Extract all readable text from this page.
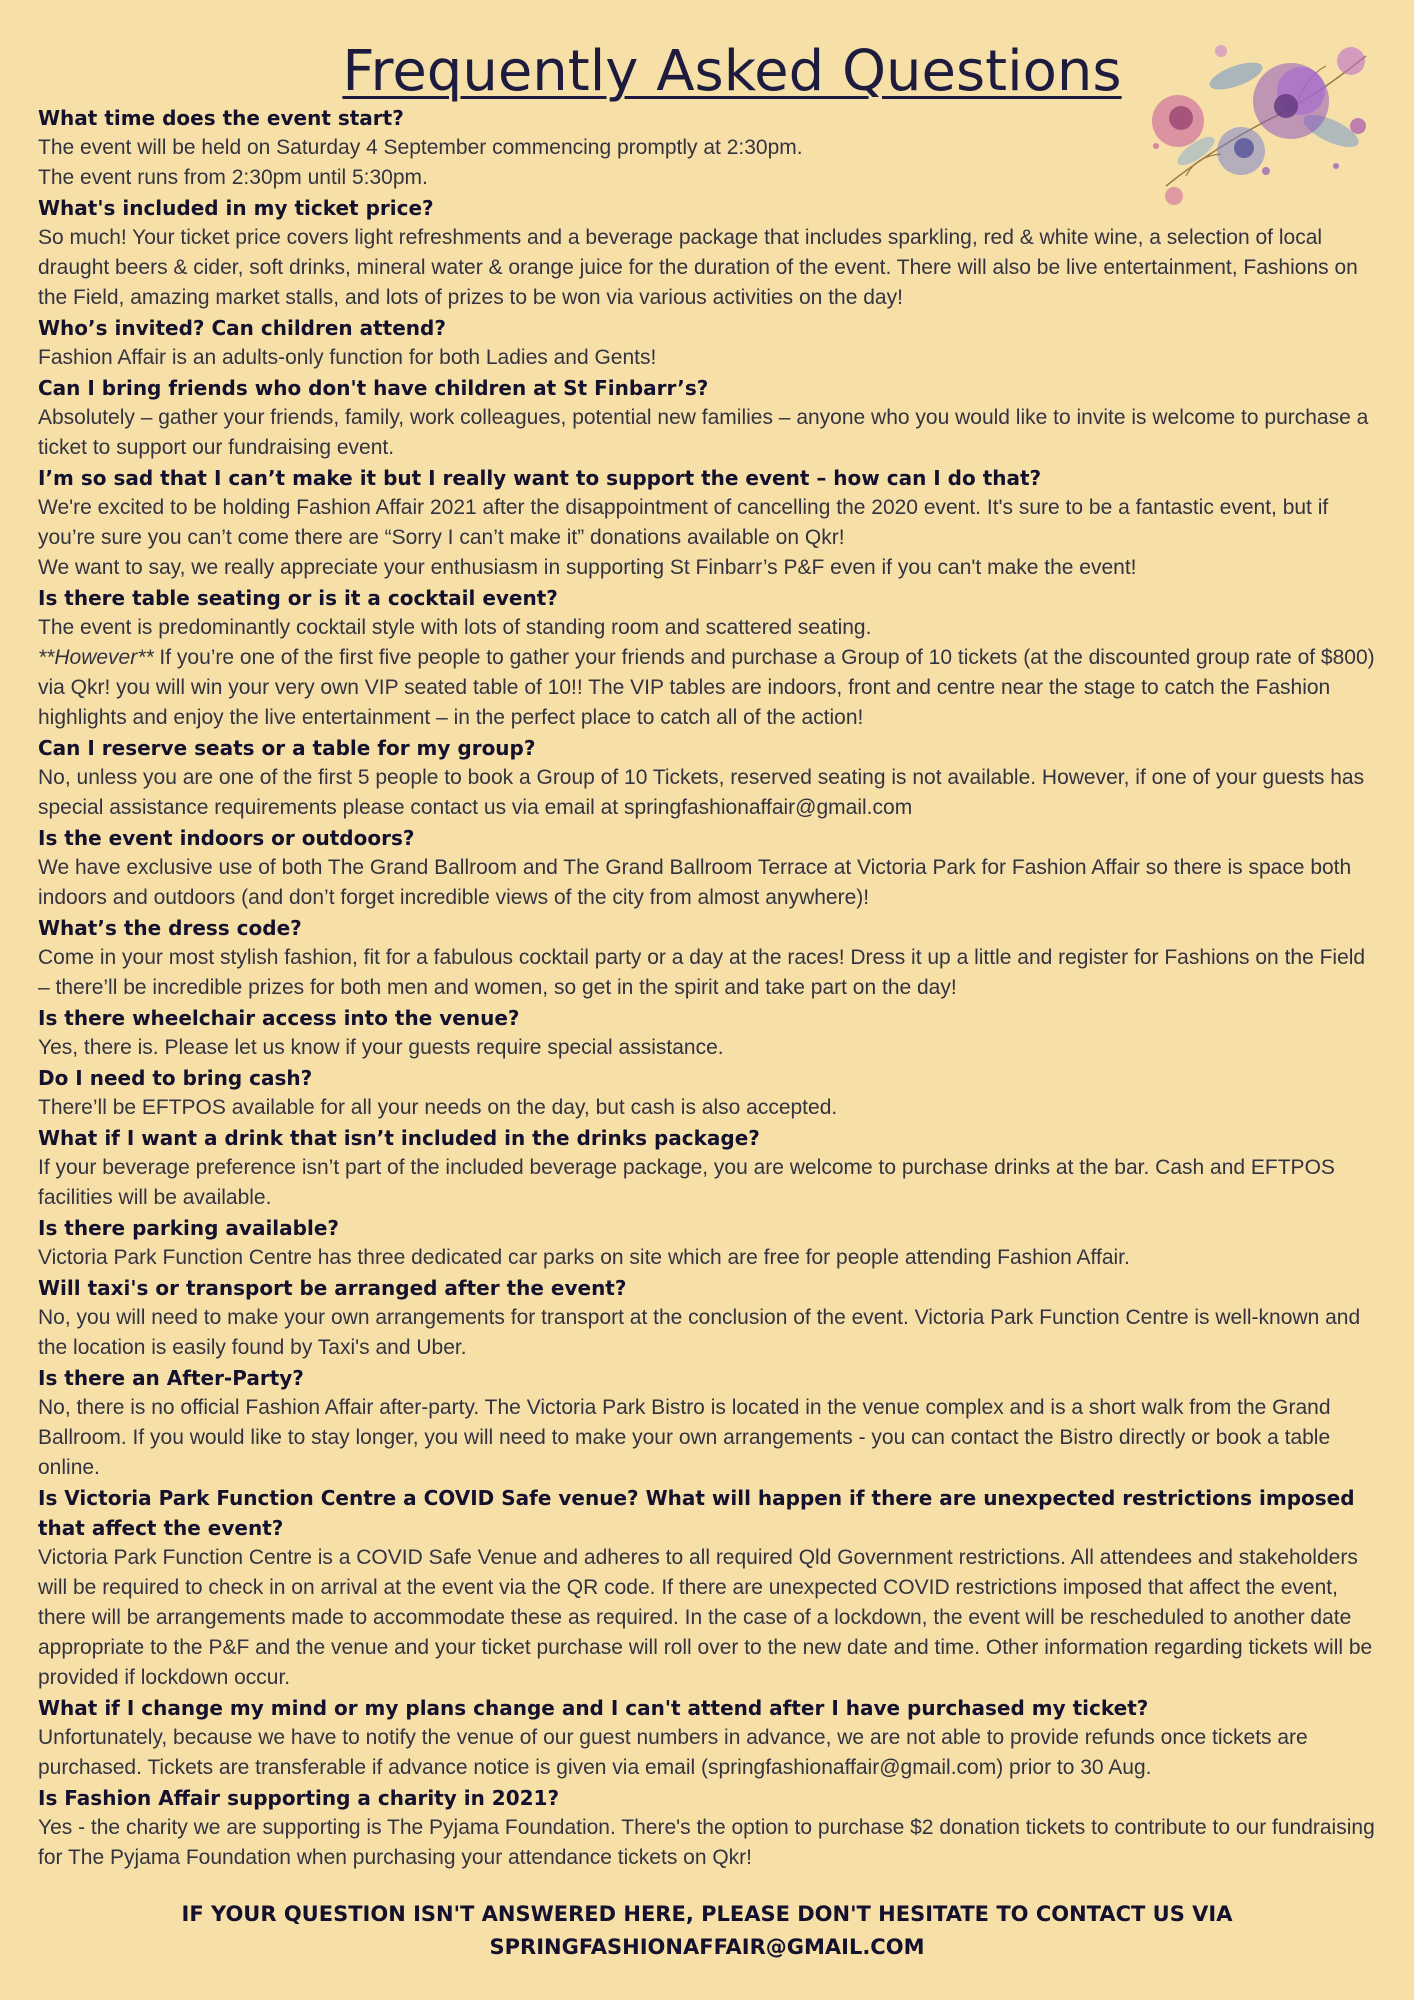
Frequently Asked Questions

What time does the event start?

The event will be held on Saturday 4 September commencing promptly at 2:30pm.

The event runs from 2:30pm until 5:30pm.

What's included in my ticket price?

So much! Your ticket price covers light refreshments and a beverage package that includes sparkling, red & white wine, a selection of local draught beers & cider, soft drinks, mineral water & orange juice for the duration of the event. There will also be live entertainment, Fashions on the Field, amazing market stalls, and lots of prizes to be won via various activities on the day!

Who’s invited? Can children attend?

Fashion Affair is an adults-only function for both Ladies and Gents!

Can I bring friends who don't have children at St Finbarr’s?

Absolutely – gather your friends, family, work colleagues, potential new families – anyone who you would like to invite is welcome to purchase a ticket to support our fundraising event.

I’m so sad that I can’t make it but I really want to support the event – how can I do that?

We're excited to be holding Fashion Affair 2021 after the disappointment of cancelling the 2020 event. It's sure to be a fantastic event, but if you’re sure you can’t come there are “Sorry I can’t make it” donations available on Qkr!

We want to say, we really appreciate your enthusiasm in supporting St Finbarr’s P&F even if you can't make the event!

Is there table seating or is it a cocktail event?

The event is predominantly cocktail style with lots of standing room and scattered seating.

**However** If you’re one of the first five people to gather your friends and purchase a Group of 10 tickets (at the discounted group rate of $800) via Qkr! you will win your very own VIP seated table of 10!! The VIP tables are indoors, front and centre near the stage to catch the Fashion highlights and enjoy the live entertainment – in the perfect place to catch all of the action!

Can I reserve seats or a table for my group?

No, unless you are one of the first 5 people to book a Group of 10 Tickets, reserved seating is not available. However, if one of your guests has special assistance requirements please contact us via email at springfashionaffair@gmail.com

Is the event indoors or outdoors?

We have exclusive use of both The Grand Ballroom and The Grand Ballroom Terrace at Victoria Park for Fashion Affair so there is space both indoors and outdoors (and don’t forget incredible views of the city from almost anywhere)!

What’s the dress code?

Come in your most stylish fashion, fit for a fabulous cocktail party or a day at the races! Dress it up a little and register for Fashions on the Field – there’ll be incredible prizes for both men and women, so get in the spirit and take part on the day!

Is there wheelchair access into the venue?

Yes, there is. Please let us know if your guests require special assistance.

Do I need to bring cash?

There’ll be EFTPOS available for all your needs on the day, but cash is also accepted.

What if I want a drink that isn’t included in the drinks package?

If your beverage preference isn’t part of the included beverage package, you are welcome to purchase drinks at the bar. Cash and EFTPOS facilities will be available.

Is there parking available?

Victoria Park Function Centre has three dedicated car parks on site which are free for people attending Fashion Affair.

Will taxi's or transport be arranged after the event?

No, you will need to make your own arrangements for transport at the conclusion of the event. Victoria Park Function Centre is well-known and the location is easily found by Taxi's and Uber.

Is there an After-Party?

No, there is no official Fashion Affair after-party. The Victoria Park Bistro is located in the venue complex and is a short walk from the Grand Ballroom. If you would like to stay longer, you will need to make your own arrangements - you can contact the Bistro directly or book a table online.

Is Victoria Park Function Centre a COVID Safe venue? What will happen if there are unexpected restrictions imposed that affect the event?

Victoria Park Function Centre is a COVID Safe Venue and adheres to all required Qld Government restrictions. All attendees and stakeholders will be required to check in on arrival at the event via the QR code. If there are unexpected COVID restrictions imposed that affect the event, there will be arrangements made to accommodate these as required. In the case of a lockdown, the event will be rescheduled to another date appropriate to the P&F and the venue and your ticket purchase will roll over to the new date and time. Other information regarding tickets will be provided if lockdown occur.

What if I change my mind or my plans change and I can't attend after I have purchased my ticket?

Unfortunately, because we have to notify the venue of our guest numbers in advance, we are not able to provide refunds once tickets are purchased. Tickets are transferable if advance notice is given via email (springfashionaffair@gmail.com) prior to 30 Aug.

Is Fashion Affair supporting a charity in 2021?

Yes - the charity we are supporting is The Pyjama Foundation. There's the option to purchase $2 donation tickets to contribute to our fundraising for The Pyjama Foundation when purchasing your attendance tickets on Qkr!

IF YOUR QUESTION ISN'T ANSWERED HERE, PLEASE DON'T HESITATE TO CONTACT US VIA
SPRINGFASHIONAFFAIR@GMAIL.COM
